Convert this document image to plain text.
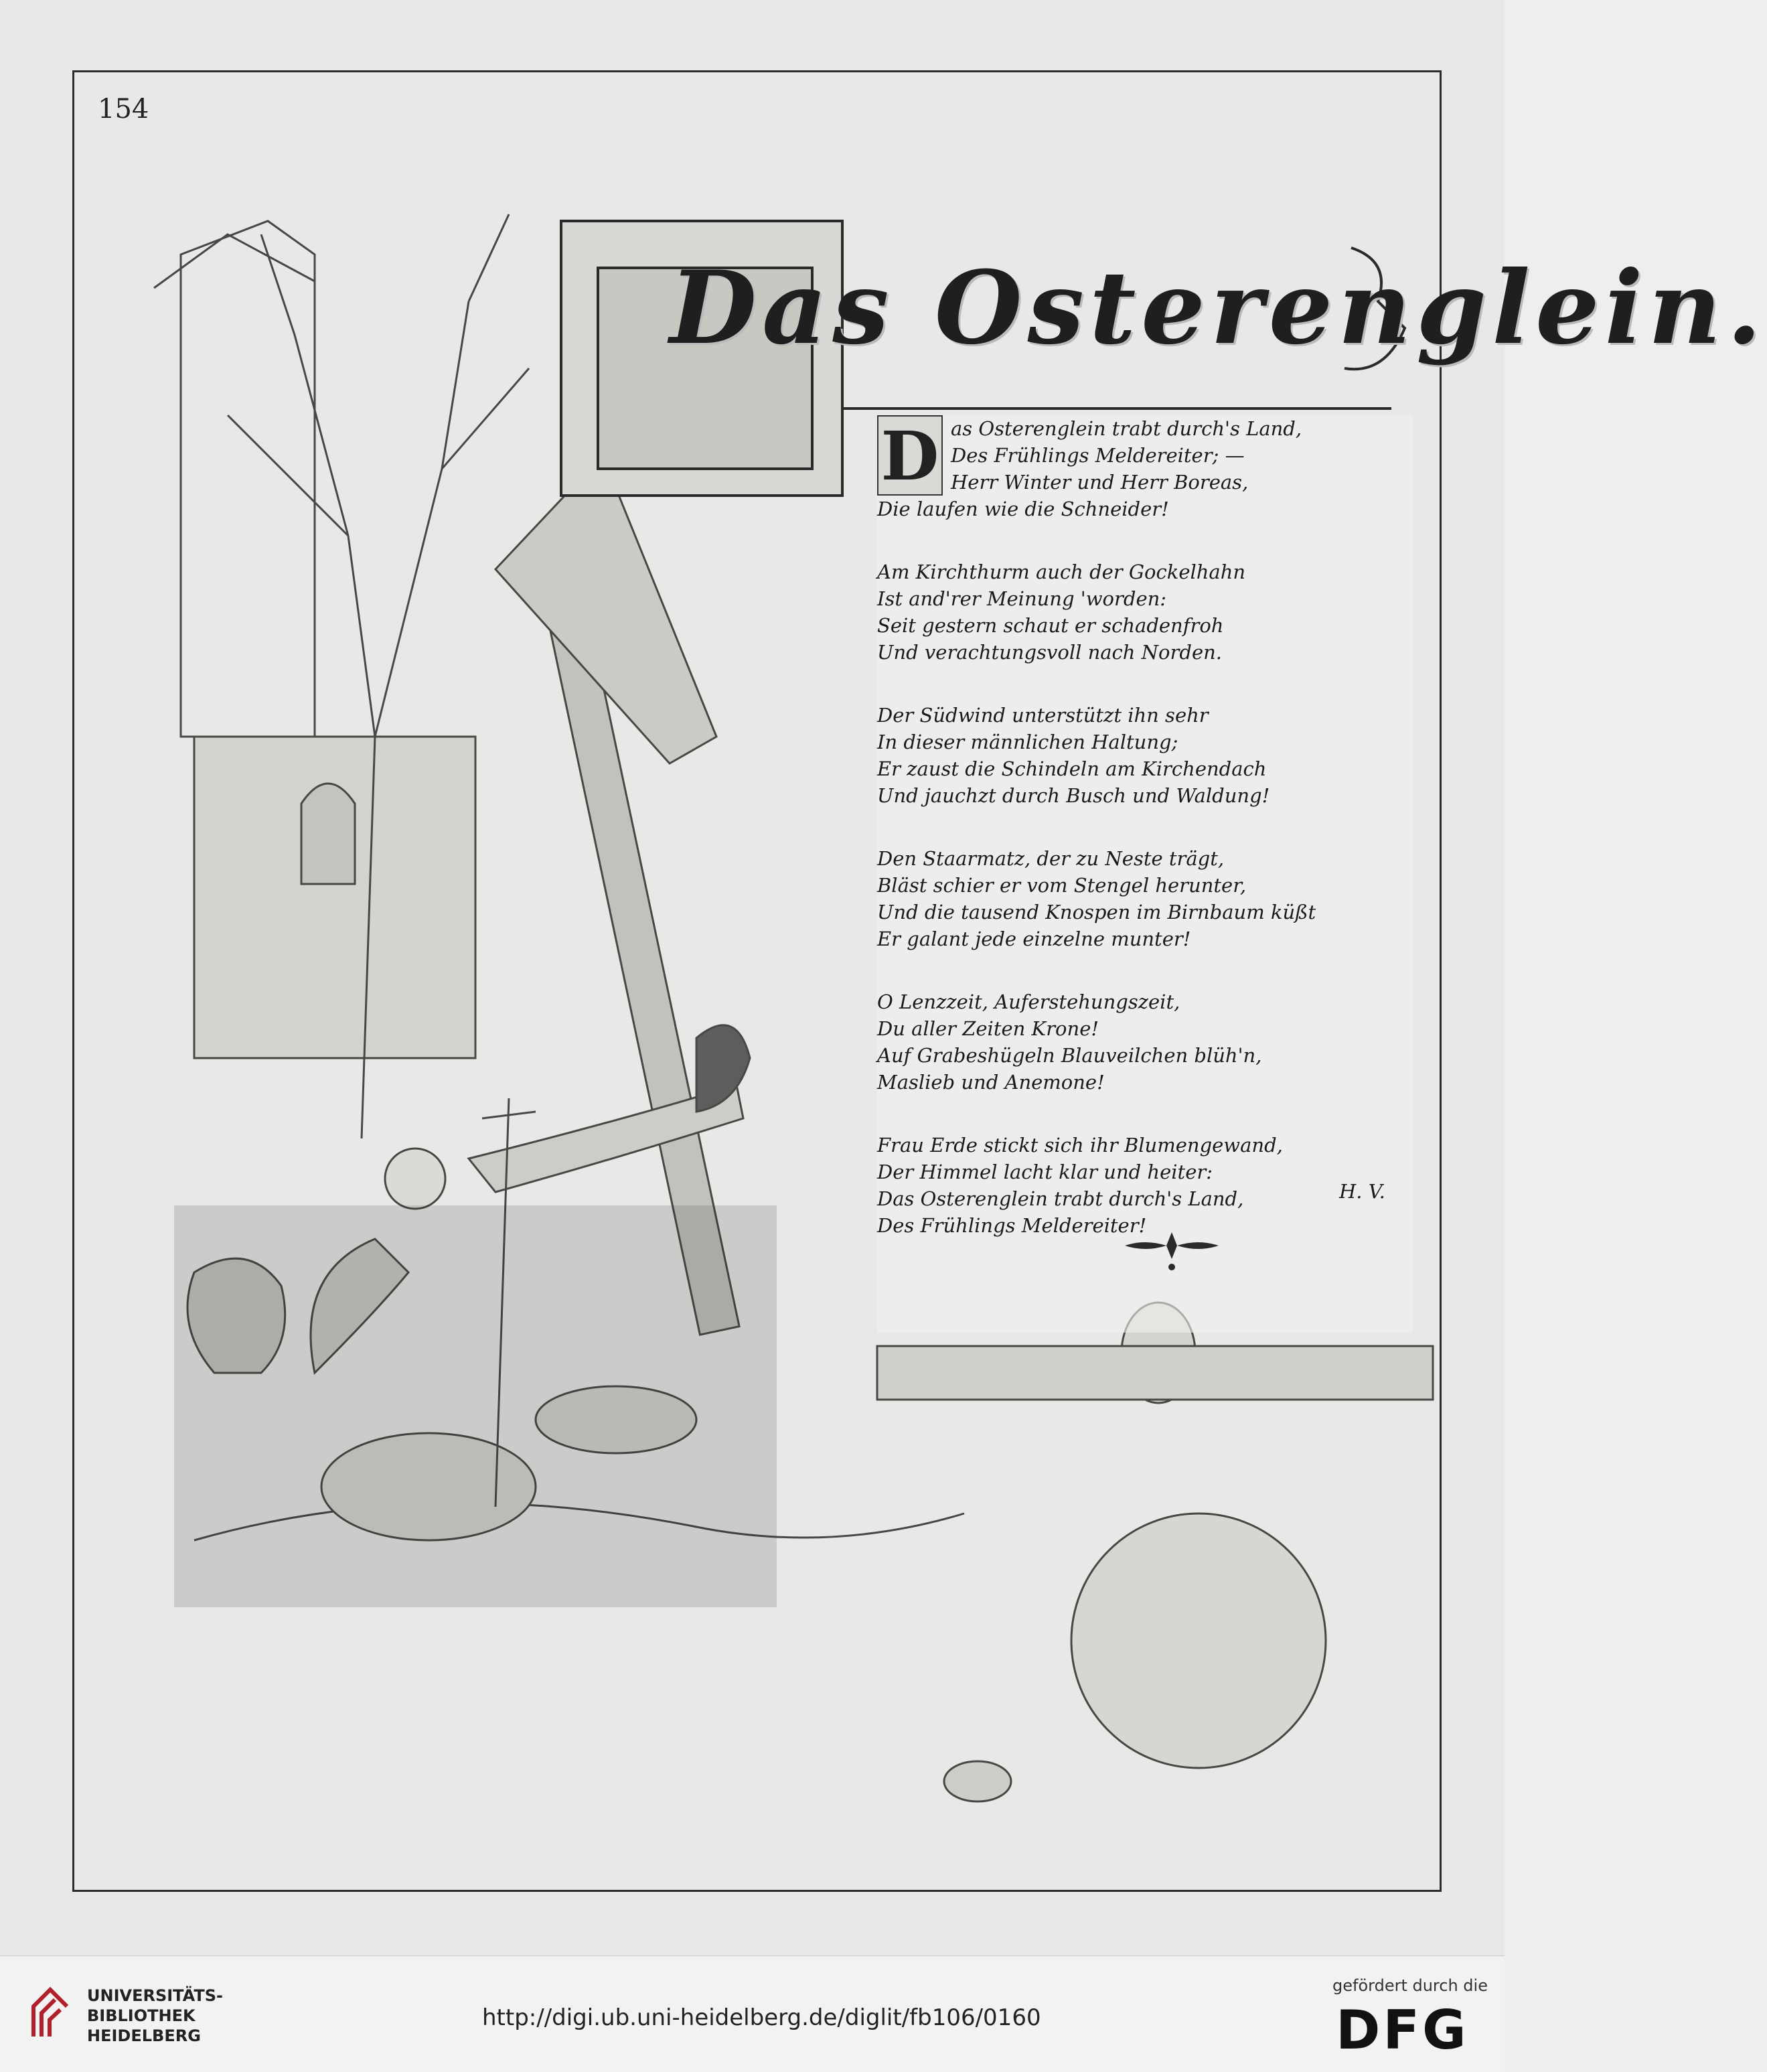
154
Das Osterenglein.
D as Osterenglein trabt durch's Land,
Des Frühlings Meldereiter; —
Herr Winter und Herr Boreas,
Die laufen wie die Schneider!
Am Kirchthurm auch der Gockelhahn
Ist and'rer Meinung 'worden:
Seit gestern schaut er schadenfroh
Und verachtungsvoll nach Norden.
Der Südwind unterstützt ihn sehr
In dieser männlichen Haltung;
Er zaust die Schindeln am Kirchendach
Und jauchzt durch Busch und Waldung!
Den Staarmatz, der zu Neste trägt,
Bläst schier er vom Stengel herunter,
Und die tausend Knospen im Birnbaum küßt
Er galant jede einzelne munter!
O Lenzzeit, Auferstehungszeit,
Du aller Zeiten Krone!
Auf Grabeshügeln Blauveilchen blüh'n,
Maslieb und Anemone!
Frau Erde stickt sich ihr Blumengewand,
Der Himmel lacht klar und heiter:
Das Osterenglein trabt durch's Land,
Des Frühlings Meldereiter!
H. V.
UNIVERSITÄTS-
BIBLIOTHEK
HEIDELBERG
http://digi.ub.uni-heidelberg.de/diglit/fb106/0160
gefördert durch die
DFG
